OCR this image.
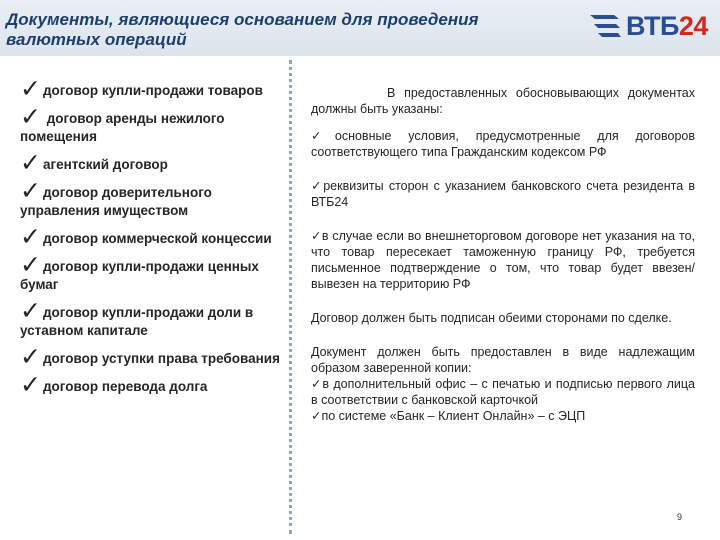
Документы, являющиеся основанием для проведения валютных операций	ВТБ24
✓ договор купли-продажи товаров
✓ договор аренды нежилого помещения
✓ агентский договор
✓ договор доверительного управления имуществом
✓ договор коммерческой концессии
✓ договор купли-продажи ценных бумаг
✓ договор купли-продажи доли в уставном капитале
✓ договор уступки права требования
✓ договор перевода долга

В предоставленных обосновывающих документах должны быть указаны:

✓основные условия, предусмотренные для договоров соответствующего типа Гражданским кодексом РФ

✓реквизиты сторон с указанием банковского счета резидента в ВТБ24

✓в случае если во внешнеторговом договоре нет указания на то, что товар пересекает таможенную границу РФ, требуется письменное подтверждение о том, что товар будет ввезен/вывезен на территорию РФ

Договор должен быть подписан обеими сторонами по сделке.

Документ должен быть предоставлен в виде надлежащим образом заверенной копии:
✓в дополнительный офис – с печатью и подписью первого лица в соответствии с банковской карточкой
✓по системе «Банк – Клиент Онлайн» – с ЭЦП

9
